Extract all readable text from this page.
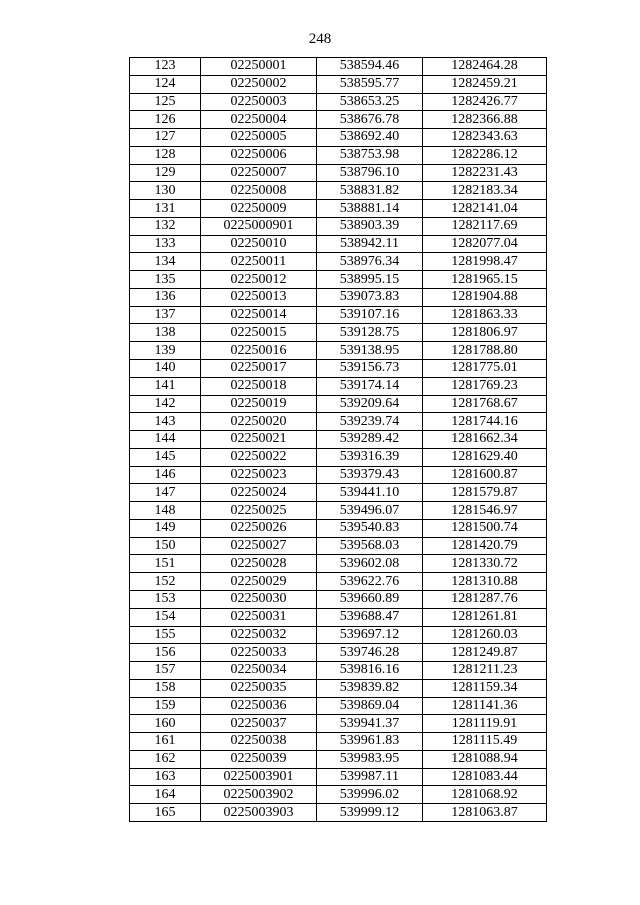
248
123	02250001	538594.46	1282464.28
124	02250002	538595.77	1282459.21
125	02250003	538653.25	1282426.77
126	02250004	538676.78	1282366.88
127	02250005	538692.40	1282343.63
128	02250006	538753.98	1282286.12
129	02250007	538796.10	1282231.43
130	02250008	538831.82	1282183.34
131	02250009	538881.14	1282141.04
132	0225000901	538903.39	1282117.69
133	02250010	538942.11	1282077.04
134	02250011	538976.34	1281998.47
135	02250012	538995.15	1281965.15
136	02250013	539073.83	1281904.88
137	02250014	539107.16	1281863.33
138	02250015	539128.75	1281806.97
139	02250016	539138.95	1281788.80
140	02250017	539156.73	1281775.01
141	02250018	539174.14	1281769.23
142	02250019	539209.64	1281768.67
143	02250020	539239.74	1281744.16
144	02250021	539289.42	1281662.34
145	02250022	539316.39	1281629.40
146	02250023	539379.43	1281600.87
147	02250024	539441.10	1281579.87
148	02250025	539496.07	1281546.97
149	02250026	539540.83	1281500.74
150	02250027	539568.03	1281420.79
151	02250028	539602.08	1281330.72
152	02250029	539622.76	1281310.88
153	02250030	539660.89	1281287.76
154	02250031	539688.47	1281261.81
155	02250032	539697.12	1281260.03
156	02250033	539746.28	1281249.87
157	02250034	539816.16	1281211.23
158	02250035	539839.82	1281159.34
159	02250036	539869.04	1281141.36
160	02250037	539941.37	1281119.91
161	02250038	539961.83	1281115.49
162	02250039	539983.95	1281088.94
163	0225003901	539987.11	1281083.44
164	0225003902	539996.02	1281068.92
165	0225003903	539999.12	1281063.87
